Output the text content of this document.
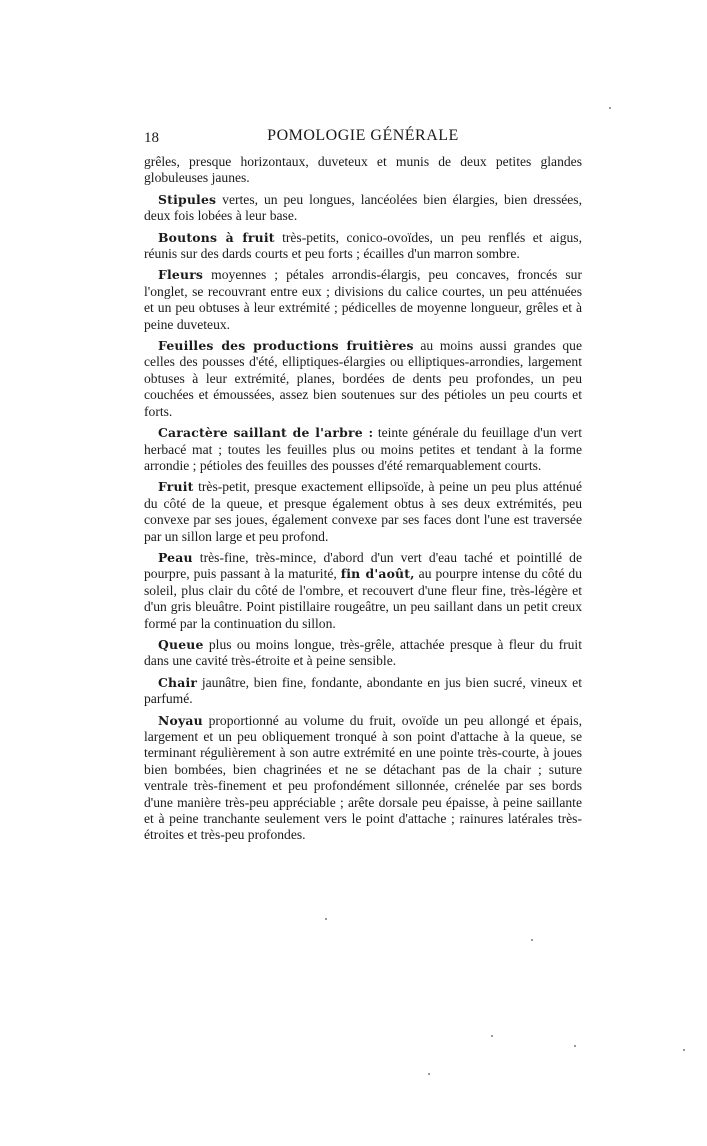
18	POMOLOGIE GÉNÉRALE

grêles, presque horizontaux, duveteux et munis de deux petites glandes globuleuses jaunes.

Stipules vertes, un peu longues, lancéolées bien élargies, bien dressées, deux fois lobées à leur base.

Boutons à fruit très-petits, conico-ovoïdes, un peu renflés et aigus, réunis sur des dards courts et peu forts ; écailles d'un marron sombre.

Fleurs moyennes ; pétales arrondis-élargis, peu concaves, froncés sur l'onglet, se recouvrant entre eux ; divisions du calice courtes, un peu atténuées et un peu obtuses à leur extrémité ; pédicelles de moyenne longueur, grêles et à peine duveteux.

Feuilles des productions fruitières au moins aussi grandes que celles des pousses d'été, elliptiques-élargies ou elliptiques-arrondies, largement obtuses à leur extrémité, planes, bordées de dents peu profondes, un peu couchées et émoussées, assez bien soutenues sur des pétioles un peu courts et forts.

Caractère saillant de l'arbre : teinte générale du feuillage d'un vert herbacé mat ; toutes les feuilles plus ou moins petites et tendant à la forme arrondie ; pétioles des feuilles des pousses d'été remarquablement courts.

Fruit très-petit, presque exactement ellipsoïde, à peine un peu plus atténué du côté de la queue, et presque également obtus à ses deux extrémités, peu convexe par ses joues, également convexe par ses faces dont l'une est traversée par un sillon large et peu profond.

Peau très-fine, très-mince, d'abord d'un vert d'eau taché et pointillé de pourpre, puis passant à la maturité, fin d'août, au pourpre intense du côté du soleil, plus clair du côté de l'ombre, et recouvert d'une fleur fine, très-légère et d'un gris bleuâtre. Point pistillaire rougeâtre, un peu saillant dans un petit creux formé par la continuation du sillon.

Queue plus ou moins longue, très-grêle, attachée presque à fleur du fruit dans une cavité très-étroite et à peine sensible.

Chair jaunâtre, bien fine, fondante, abondante en jus bien sucré, vineux et parfumé.

Noyau proportionné au volume du fruit, ovoïde un peu allongé et épais, largement et un peu obliquement tronqué à son point d'attache à la queue, se terminant régulièrement à son autre extrémité en une pointe très-courte, à joues bien bombées, bien chagrinées et ne se détachant pas de la chair ; suture ventrale très-finement et peu profondément sillonnée, crénelée par ses bords d'une manière très-peu appréciable ; arête dorsale peu épaisse, à peine saillante et à peine tranchante seulement vers le point d'attache ; rainures latérales très-étroites et très-peu profondes.
